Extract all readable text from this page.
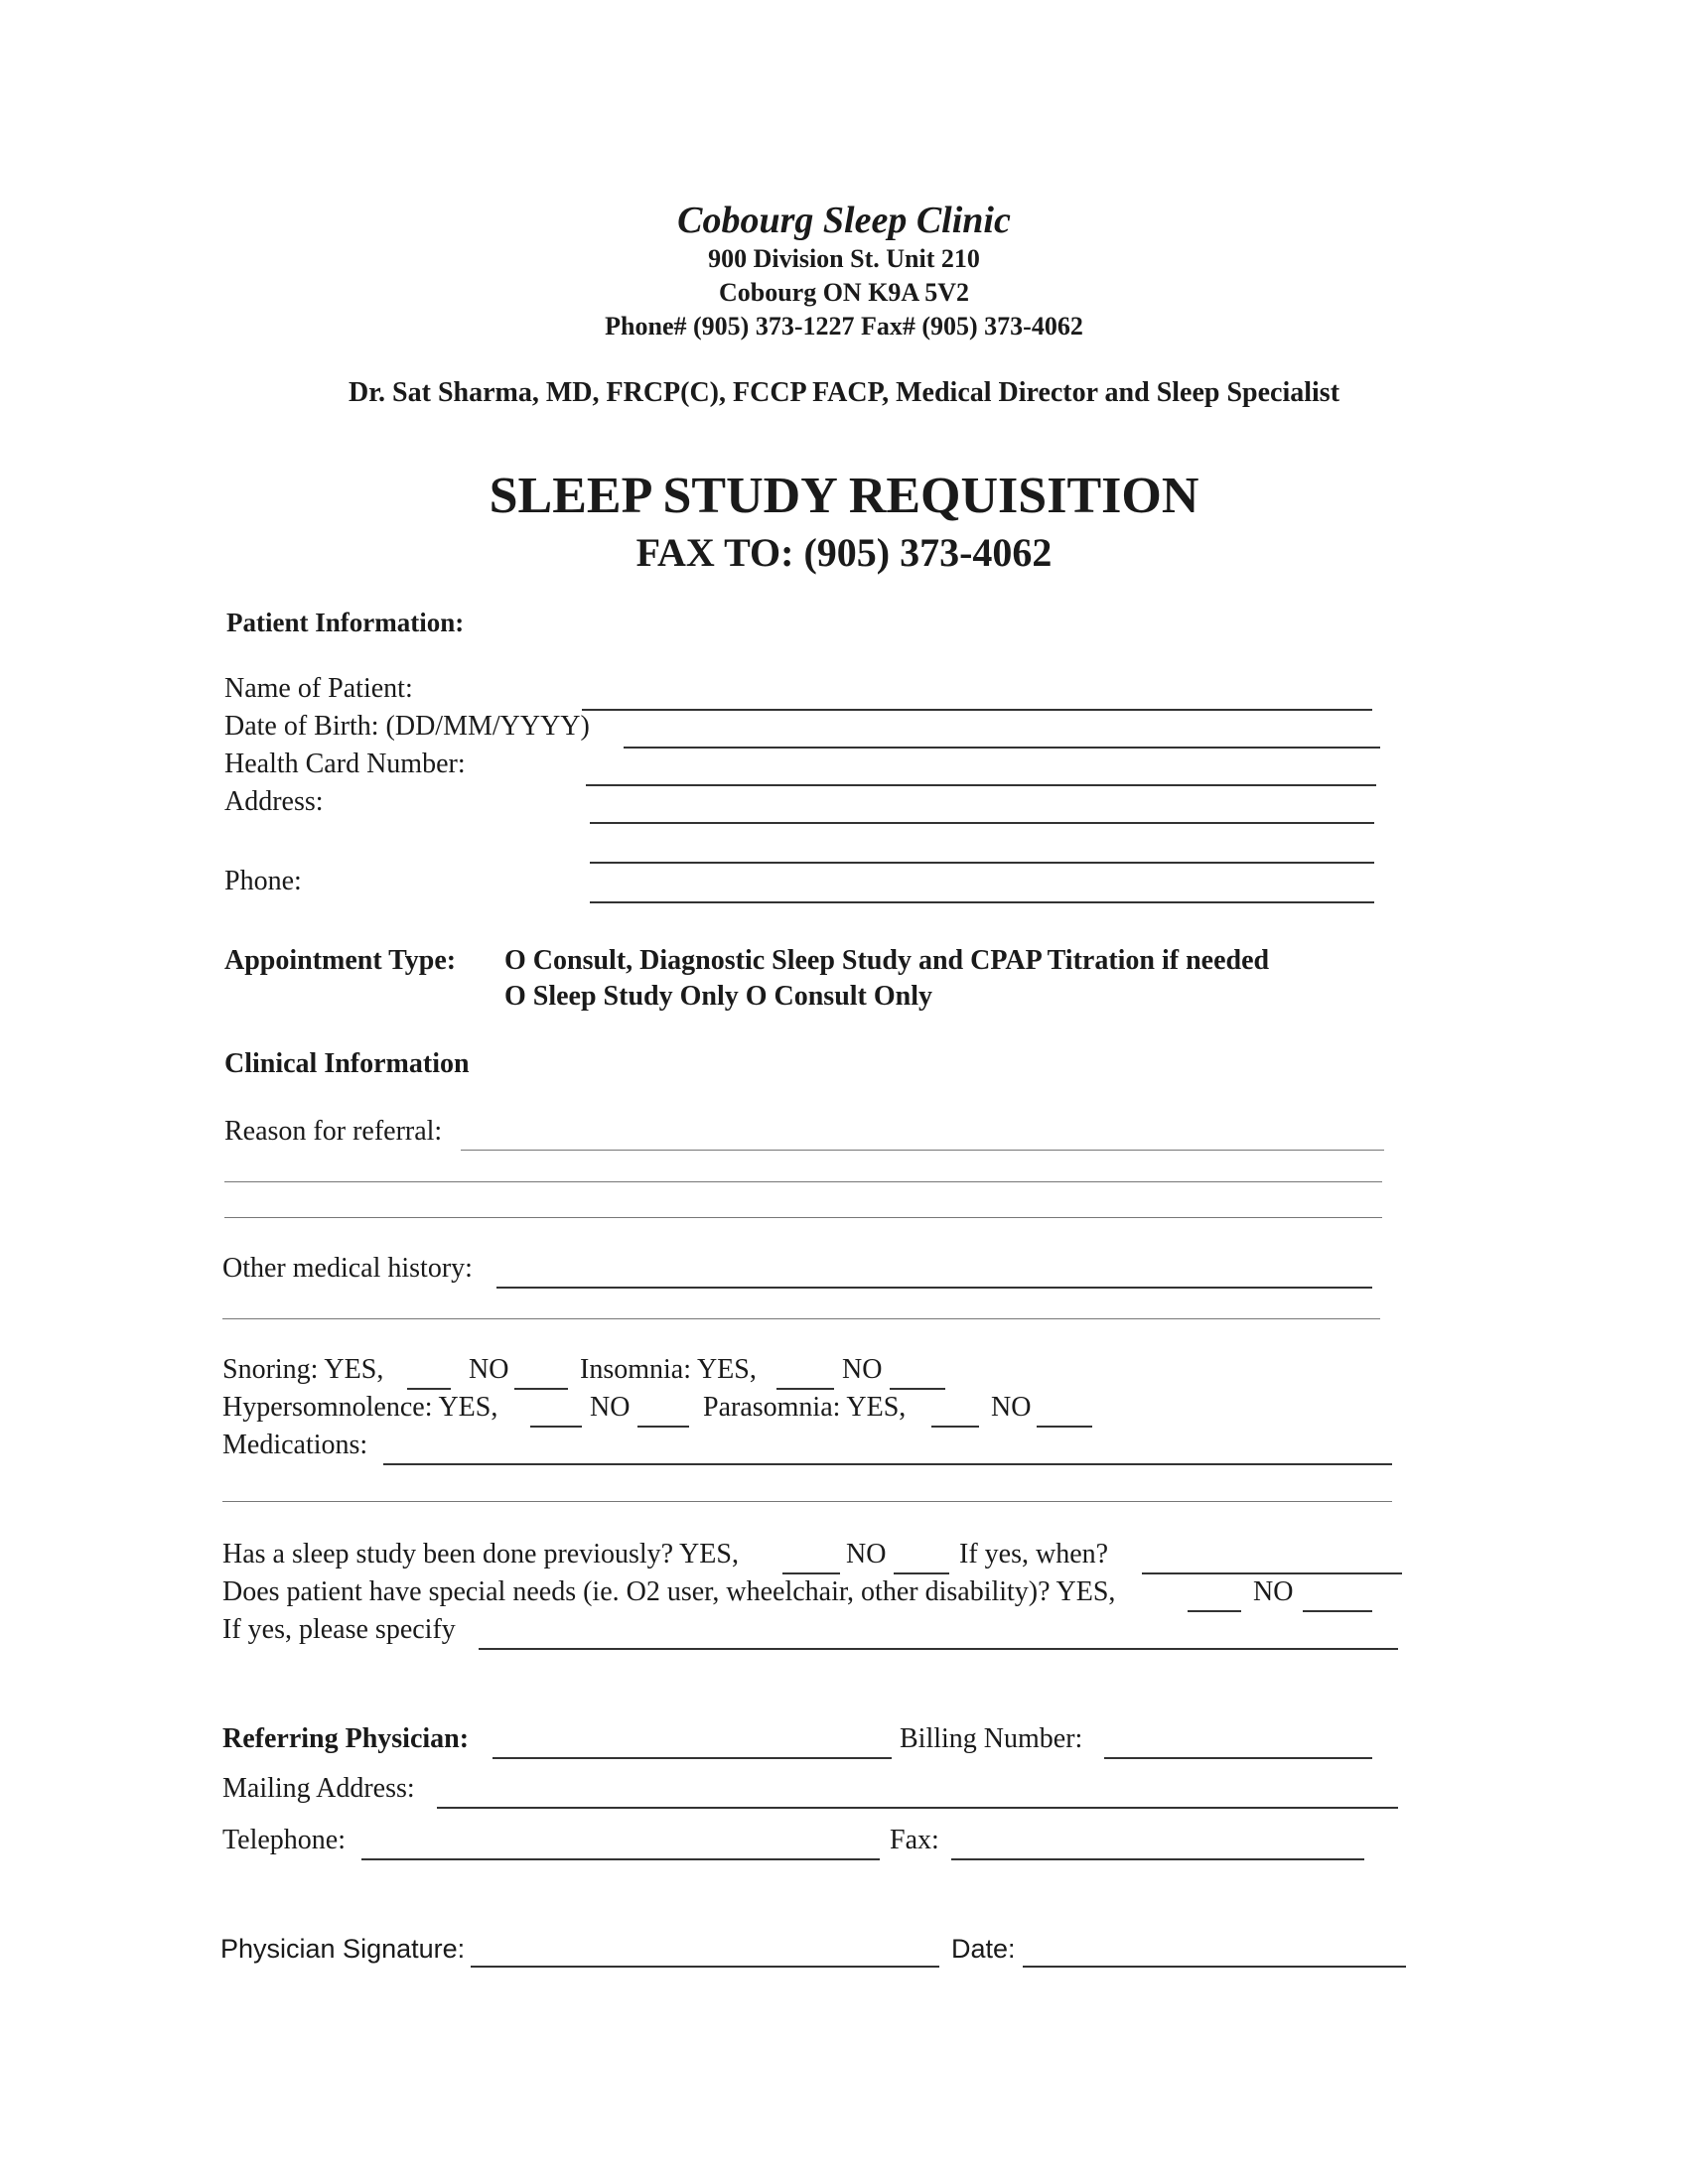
Cobourg Sleep Clinic
900 Division St. Unit 210
Cobourg ON K9A 5V2
Phone# (905) 373-1227 Fax# (905) 373-4062
Dr. Sat Sharma, MD, FRCP(C), FCCP FACP, Medical Director and Sleep Specialist
SLEEP STUDY REQUISITION
FAX TO: (905) 373-4062
Patient Information:
Name of Patient:
Date of Birth: (DD/MM/YYYY)
Health Card Number:
Address:
Phone:
Appointment Type: O Consult, Diagnostic Sleep Study and CPAP Titration if needed
O Sleep Study Only O Consult Only
Clinical Information
Reason for referral:
Other medical history:
Snoring: YES,	NO	Insomnia: YES,	NO
Hypersomnolence: YES,	NO	Parasomnia: YES,	NO
Medications:
Has a sleep study been done previously? YES,	NO	If yes, when?
Does patient have special needs (ie. O2 user, wheelchair, other disability)? YES,	NO
If yes, please specify
Referring Physician:	Billing Number:
Mailing Address:
Telephone:	Fax:
Physician Signature:	Date:
